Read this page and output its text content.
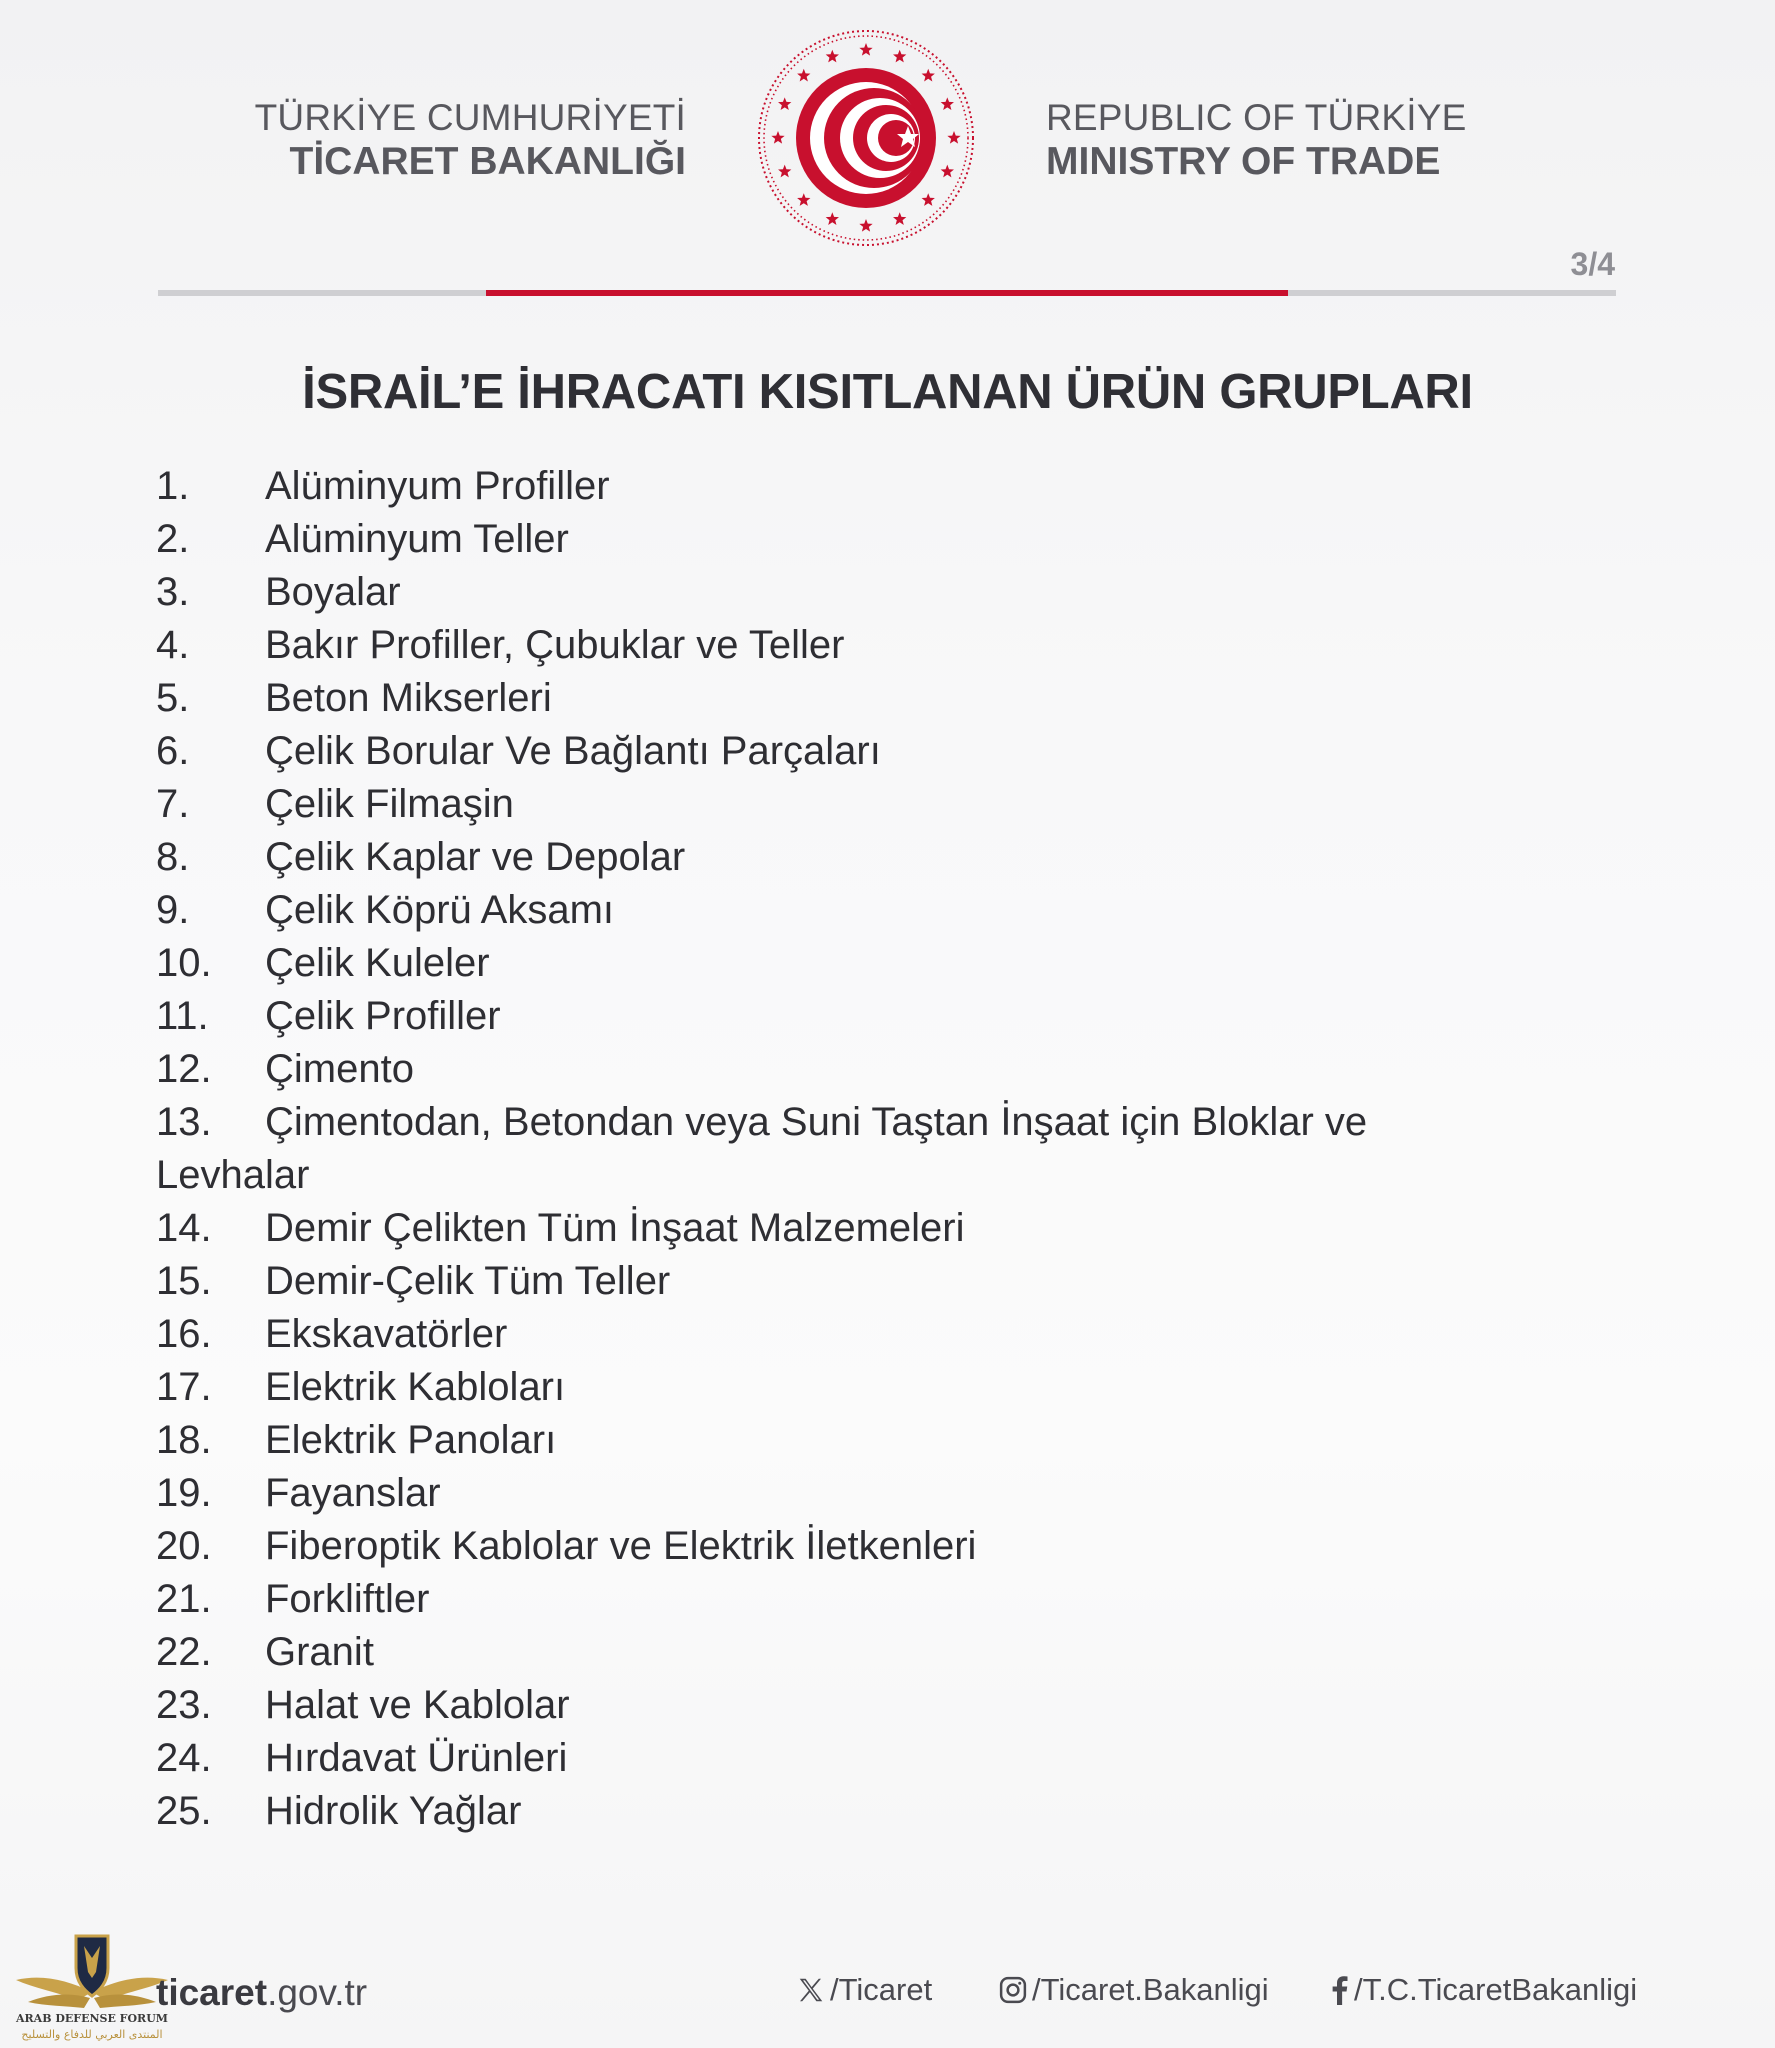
TÜRKİYE CUMHURİYETİ
TİCARET BAKANLIĞI
REPUBLIC OF TÜRKİYE
MINISTRY OF TRADE
3/4
İSRAİL’E İHRACATI KISITLANAN ÜRÜN GRUPLARI
1. Alüminyum Profiller
2. Alüminyum Teller
3. Boyalar
4. Bakır Profiller, Çubuklar ve Teller
5. Beton Mikserleri
6. Çelik Borular Ve Bağlantı Parçaları
7. Çelik Filmaşin
8. Çelik Kaplar ve Depolar
9. Çelik Köprü Aksamı
10. Çelik Kuleler
11. Çelik Profiller
12. Çimento
13. Çimentodan, Betondan veya Suni Taştan İnşaat için Bloklar ve Levhalar
14. Demir Çelikten Tüm İnşaat Malzemeleri
15. Demir-Çelik Tüm Teller
16. Ekskavatörler
17. Elektrik Kabloları
18. Elektrik Panoları
19. Fayanslar
20. Fiberoptik Kablolar ve Elektrik İletkenleri
21. Forkliftler
22. Granit
23. Halat ve Kablolar
24. Hırdavat Ürünleri
25. Hidrolik Yağlar
ARAB DEFENSE FORUM
المنتدى العربي للدفاع والتسليح
ticaret.gov.tr	/Ticaret	/Ticaret.Bakanligi	/T.C.TicaretBakanligi
